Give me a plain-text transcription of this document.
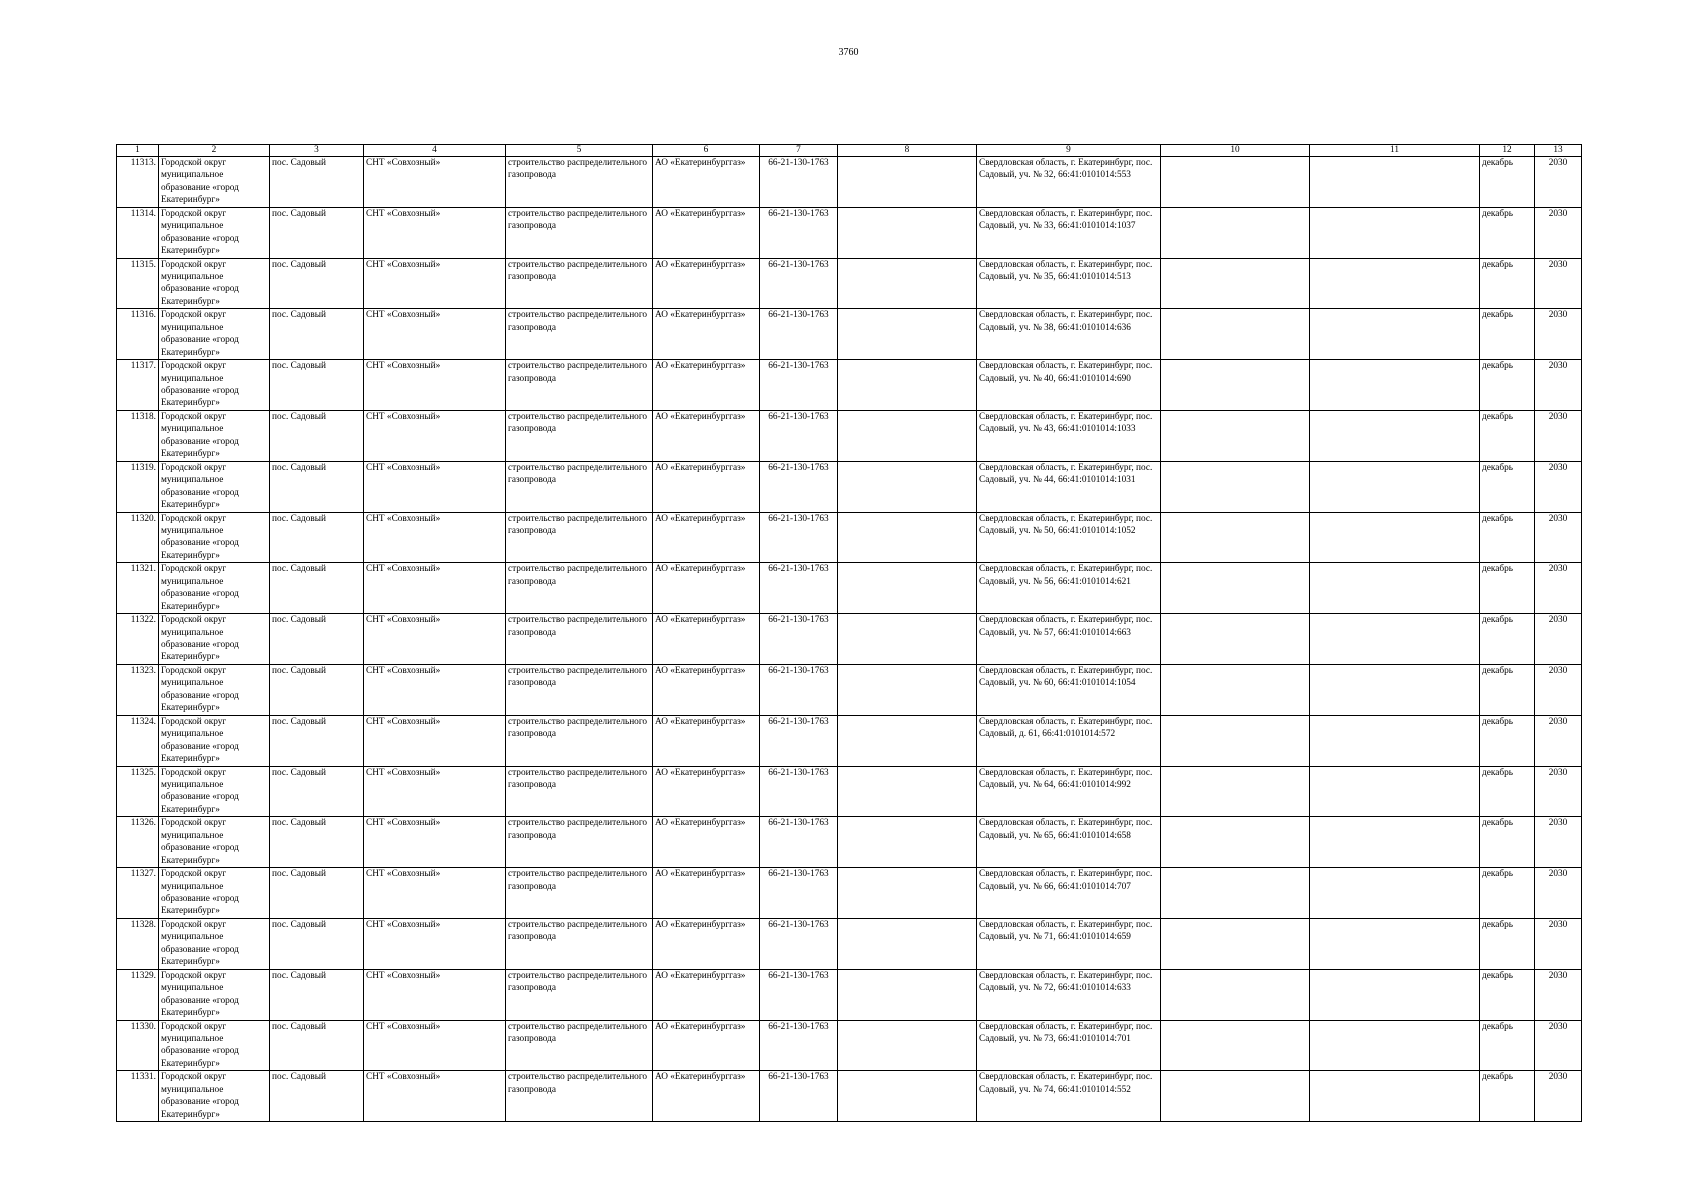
3760
1	2	3	4	5	6	7	8	9	10	11	12	13
11313.	Городской округ муниципальное образование «город Екатеринбург»	пос. Садовый	СНТ «Совхозный»	строительство распределительного газопровода	АО «Екатеринбурггаз»	66-21-130-1763		Свердловская область, г. Екатеринбург, пос. Садовый, уч. № 32, 66:41:0101014:553			декабрь	2030
11314.	Городской округ муниципальное образование «город Екатеринбург»	пос. Садовый	СНТ «Совхозный»	строительство распределительного газопровода	АО «Екатеринбурггаз»	66-21-130-1763		Свердловская область, г. Екатеринбург, пос. Садовый, уч. № 33, 66:41:0101014:1037			декабрь	2030
11315.	Городской округ муниципальное образование «город Екатеринбург»	пос. Садовый	СНТ «Совхозный»	строительство распределительного газопровода	АО «Екатеринбурггаз»	66-21-130-1763		Свердловская область, г. Екатеринбург, пос. Садовый, уч. № 35, 66:41:0101014:513			декабрь	2030
11316.	Городской округ муниципальное образование «город Екатеринбург»	пос. Садовый	СНТ «Совхозный»	строительство распределительного газопровода	АО «Екатеринбурггаз»	66-21-130-1763		Свердловская область, г. Екатеринбург, пос. Садовый, уч. № 38, 66:41:0101014:636			декабрь	2030
11317.	Городской округ муниципальное образование «город Екатеринбург»	пос. Садовый	СНТ «Совхозный»	строительство распределительного газопровода	АО «Екатеринбурггаз»	66-21-130-1763		Свердловская область, г. Екатеринбург, пос. Садовый, уч. № 40, 66:41:0101014:690			декабрь	2030
11318.	Городской округ муниципальное образование «город Екатеринбург»	пос. Садовый	СНТ «Совхозный»	строительство распределительного газопровода	АО «Екатеринбурггаз»	66-21-130-1763		Свердловская область, г. Екатеринбург, пос. Садовый, уч. № 43, 66:41:0101014:1033			декабрь	2030
11319.	Городской округ муниципальное образование «город Екатеринбург»	пос. Садовый	СНТ «Совхозный»	строительство распределительного газопровода	АО «Екатеринбурггаз»	66-21-130-1763		Свердловская область, г. Екатеринбург, пос. Садовый, уч. № 44, 66:41:0101014:1031			декабрь	2030
11320.	Городской округ муниципальное образование «город Екатеринбург»	пос. Садовый	СНТ «Совхозный»	строительство распределительного газопровода	АО «Екатеринбурггаз»	66-21-130-1763		Свердловская область, г. Екатеринбург, пос. Садовый, уч. № 50, 66:41:0101014:1052			декабрь	2030
11321.	Городской округ муниципальное образование «город Екатеринбург»	пос. Садовый	СНТ «Совхозный»	строительство распределительного газопровода	АО «Екатеринбурггаз»	66-21-130-1763		Свердловская область, г. Екатеринбург, пос. Садовый, уч. № 56, 66:41:0101014:621			декабрь	2030
11322.	Городской округ муниципальное образование «город Екатеринбург»	пос. Садовый	СНТ «Совхозный»	строительство распределительного газопровода	АО «Екатеринбурггаз»	66-21-130-1763		Свердловская область, г. Екатеринбург, пос. Садовый, уч. № 57, 66:41:0101014:663			декабрь	2030
11323.	Городской округ муниципальное образование «город Екатеринбург»	пос. Садовый	СНТ «Совхозный»	строительство распределительного газопровода	АО «Екатеринбурггаз»	66-21-130-1763		Свердловская область, г. Екатеринбург, пос. Садовый, уч. № 60, 66:41:0101014:1054			декабрь	2030
11324.	Городской округ муниципальное образование «город Екатеринбург»	пос. Садовый	СНТ «Совхозный»	строительство распределительного газопровода	АО «Екатеринбурггаз»	66-21-130-1763		Свердловская область, г. Екатеринбург, пос. Садовый, д. 61, 66:41:0101014:572			декабрь	2030
11325.	Городской округ муниципальное образование «город Екатеринбург»	пос. Садовый	СНТ «Совхозный»	строительство распределительного газопровода	АО «Екатеринбурггаз»	66-21-130-1763		Свердловская область, г. Екатеринбург, пос. Садовый, уч. № 64, 66:41:0101014:992			декабрь	2030
11326.	Городской округ муниципальное образование «город Екатеринбург»	пос. Садовый	СНТ «Совхозный»	строительство распределительного газопровода	АО «Екатеринбурггаз»	66-21-130-1763		Свердловская область, г. Екатеринбург, пос. Садовый, уч. № 65, 66:41:0101014:658			декабрь	2030
11327.	Городской округ муниципальное образование «город Екатеринбург»	пос. Садовый	СНТ «Совхозный»	строительство распределительного газопровода	АО «Екатеринбурггаз»	66-21-130-1763		Свердловская область, г. Екатеринбург, пос. Садовый, уч. № 66, 66:41:0101014:707			декабрь	2030
11328.	Городской округ муниципальное образование «город Екатеринбург»	пос. Садовый	СНТ «Совхозный»	строительство распределительного газопровода	АО «Екатеринбурггаз»	66-21-130-1763		Свердловская область, г. Екатеринбург, пос. Садовый, уч. № 71, 66:41:0101014:659			декабрь	2030
11329.	Городской округ муниципальное образование «город Екатеринбург»	пос. Садовый	СНТ «Совхозный»	строительство распределительного газопровода	АО «Екатеринбурггаз»	66-21-130-1763		Свердловская область, г. Екатеринбург, пос. Садовый, уч. № 72, 66:41:0101014:633			декабрь	2030
11330.	Городской округ муниципальное образование «город Екатеринбург»	пос. Садовый	СНТ «Совхозный»	строительство распределительного газопровода	АО «Екатеринбурггаз»	66-21-130-1763		Свердловская область, г. Екатеринбург, пос. Садовый, уч. № 73, 66:41:0101014:701			декабрь	2030
11331.	Городской округ муниципальное образование «город Екатеринбург»	пос. Садовый	СНТ «Совхозный»	строительство распределительного газопровода	АО «Екатеринбурггаз»	66-21-130-1763		Свердловская область, г. Екатеринбург, пос. Садовый, уч. № 74, 66:41:0101014:552			декабрь	2030
